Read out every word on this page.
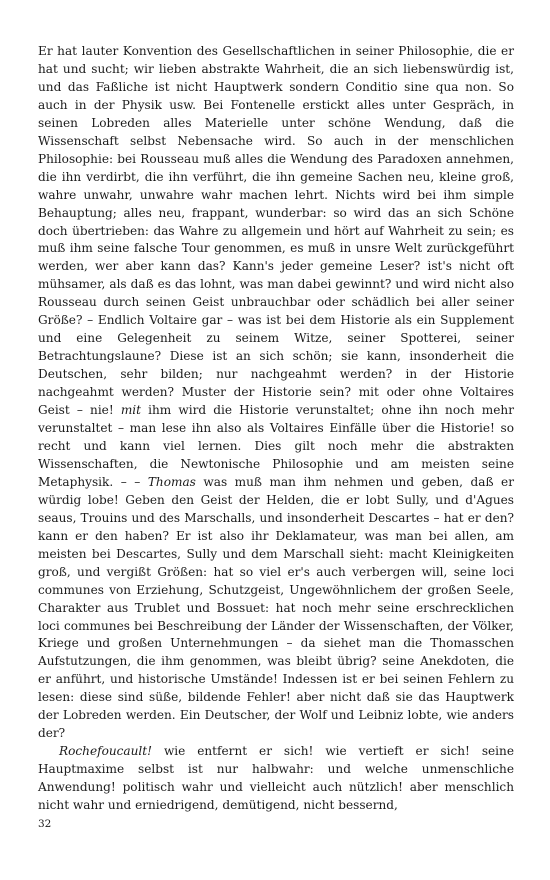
Er hat lauter Konvention des Gesellschaftlichen in seiner Philosophie, die er hat und sucht; wir lieben abstrakte Wahrheit, die an sich liebenswürdig ist, und das Faßliche ist nicht Hauptwerk sondern Conditio sine qua non. So auch in der Physik usw. Bei Fontenelle erstickt alles unter Gespräch, in seinen Lobreden alles Materielle unter schöne Wendung, daß die Wissenschaft selbst Nebensache wird. So auch in der menschlichen Philosophie: bei Rousseau muß alles die Wendung des Paradoxen annehmen, die ihn verdirbt, die ihn verführt, die ihn gemeine Sachen neu, kleine groß, wahre unwahr, unwahre wahr machen lehrt. Nichts wird bei ihm simple Behauptung; alles neu, frappant, wunderbar: so wird das an sich Schöne doch übertrieben: das Wahre zu allgemein und hört auf Wahrheit zu sein; es muß ihm seine falsche Tour genommen, es muß in unsre Welt zurückgeführt werden, wer aber kann das? Kann's jeder gemeine Leser? ist's nicht oft mühsamer, als daß es das lohnt, was man dabei gewinnt? und wird nicht also Rousseau durch seinen Geist unbrauchbar oder schädlich bei aller seiner Größe? – Endlich Voltaire gar – was ist bei dem Historie als ein Supplement und eine Gelegenheit zu seinem Witze, seiner Spotterei, seiner Betrachtungslaune? Diese ist an sich schön; sie kann, insonderheit die Deutschen, sehr bilden; nur nachgeahmt werden? in der Historie nachgeahmt werden? Muster der Historie sein? mit oder ohne Voltaires Geist – nie! mit ihm wird die Historie verunstaltet; ohne ihn noch mehr verunstaltet – man lese ihn also als Voltaires Einfälle über die Historie! so recht und kann viel lernen. Dies gilt noch mehr die abstrakten Wissenschaften, die Newtonische Philosophie und am meisten seine Metaphysik. – – Thomas was muß man ihm nehmen und geben, daß er würdig lobe! Geben den Geist der Helden, die er lobt Sully, und d'Agues seaus, Trouins und des Marschalls, und insonderheit Descartes – hat er den? kann er den haben? Er ist also ihr Deklamateur, was man bei allen, am meisten bei Descartes, Sully und dem Marschall sieht: macht Kleinigkeiten groß, und vergißt Größen: hat so viel er's auch verbergen will, seine loci communes von Erziehung, Schutzgeist, Ungewöhnlichem der großen Seele, Charakter aus Trublet und Bossuet: hat noch mehr seine erschrecklichen loci communes bei Beschreibung der Länder der Wissenschaften, der Völker, Kriege und großen Unternehmungen – da siehet man die Thomasschen Aufstutzungen, die ihm genommen, was bleibt übrig? seine Anekdoten, die er anführt, und historische Umstände! Indessen ist er bei seinen Fehlern zu lesen: diese sind süße, bildende Fehler! aber nicht daß sie das Hauptwerk der Lobreden werden. Ein Deutscher, der Wolf und Leibniz lobte, wie anders der?

Rochefoucault! wie entfernt er sich! wie vertieft er sich! seine Hauptmaxime selbst ist nur halbwahr: und welche unmenschliche Anwendung! politisch wahr und vielleicht auch nützlich! aber menschlich nicht wahr und erniedrigend, demütigend, nicht bessernd,

32
